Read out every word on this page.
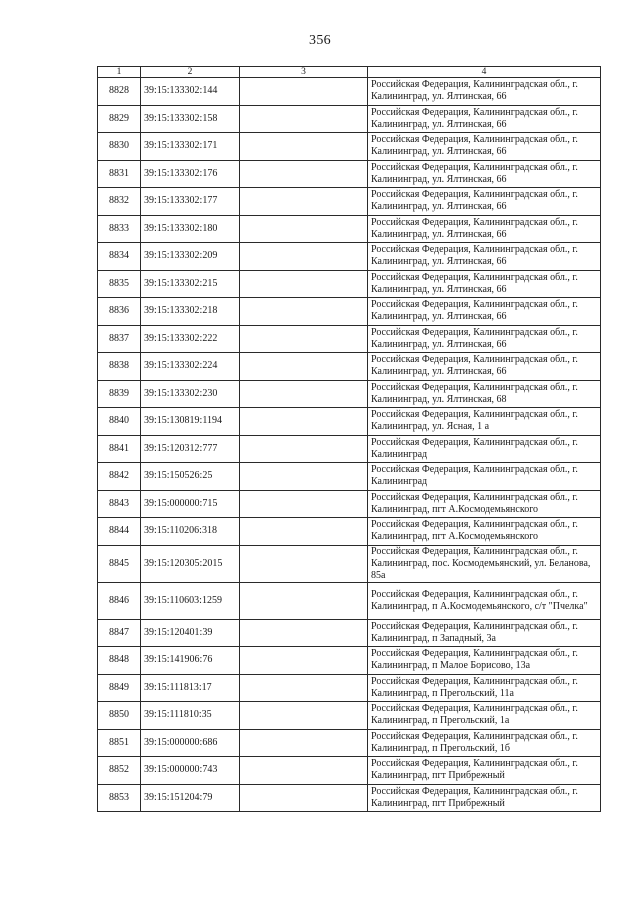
356
1	2	3	4
8828	39:15:133302:144		Российская Федерация, Калининградская обл., г. Калининград, ул. Ялтинская, 66
8829	39:15:133302:158		Российская Федерация, Калининградская обл., г. Калининград, ул. Ялтинская, 66
8830	39:15:133302:171		Российская Федерация, Калининградская обл., г. Калининград, ул. Ялтинская, 66
8831	39:15:133302:176		Российская Федерация, Калининградская обл., г. Калининград, ул. Ялтинская, 66
8832	39:15:133302:177		Российская Федерация, Калининградская обл., г. Калининград, ул. Ялтинская, 66
8833	39:15:133302:180		Российская Федерация, Калининградская обл., г. Калининград, ул. Ялтинская, 66
8834	39:15:133302:209		Российская Федерация, Калининградская обл., г. Калининград, ул. Ялтинская, 66
8835	39:15:133302:215		Российская Федерация, Калининградская обл., г. Калининград, ул. Ялтинская, 66
8836	39:15:133302:218		Российская Федерация, Калининградская обл., г. Калининград, ул. Ялтинская, 66
8837	39:15:133302:222		Российская Федерация, Калининградская обл., г. Калининград, ул. Ялтинская, 66
8838	39:15:133302:224		Российская Федерация, Калининградская обл., г. Калининград, ул. Ялтинская, 66
8839	39:15:133302:230		Российская Федерация, Калининградская обл., г. Калининград, ул. Ялтинская, 68
8840	39:15:130819:1194		Российская Федерация, Калининградская обл., г. Калининград, ул. Ясная, 1 а
8841	39:15:120312:777		Российская Федерация, Калининградская обл., г. Калининград
8842	39:15:150526:25		Российская Федерация, Калининградская обл., г. Калининград
8843	39:15:000000:715		Российская Федерация, Калининградская обл., г. Калининград, пгт А.Космодемьянского
8844	39:15:110206:318		Российская Федерация, Калининградская обл., г. Калининград, пгт А.Космодемьянского
8845	39:15:120305:2015		Российская Федерация, Калининградская обл., г. Калининград, пос. Космодемьянский, ул. Беланова, 85а
8846	39:15:110603:1259		Российская Федерация, Калининградская обл., г. Калининград, п А.Космодемьянского, с/т "Пчелка"
8847	39:15:120401:39		Российская Федерация, Калининградская обл., г. Калининград, п Западный, 3а
8848	39:15:141906:76		Российская Федерация, Калининградская обл., г. Калининград, п Малое Борисово, 13а
8849	39:15:111813:17		Российская Федерация, Калининградская обл., г. Калининград, п Прегольский, 11а
8850	39:15:111810:35		Российская Федерация, Калининградская обл., г. Калининград, п Прегольский, 1а
8851	39:15:000000:686		Российская Федерация, Калининградская обл., г. Калининград, п Прегольский, 1б
8852	39:15:000000:743		Российская Федерация, Калининградская обл., г. Калининград, пгт Прибрежный
8853	39:15:151204:79		Российская Федерация, Калининградская обл., г. Калининград, пгт Прибрежный
